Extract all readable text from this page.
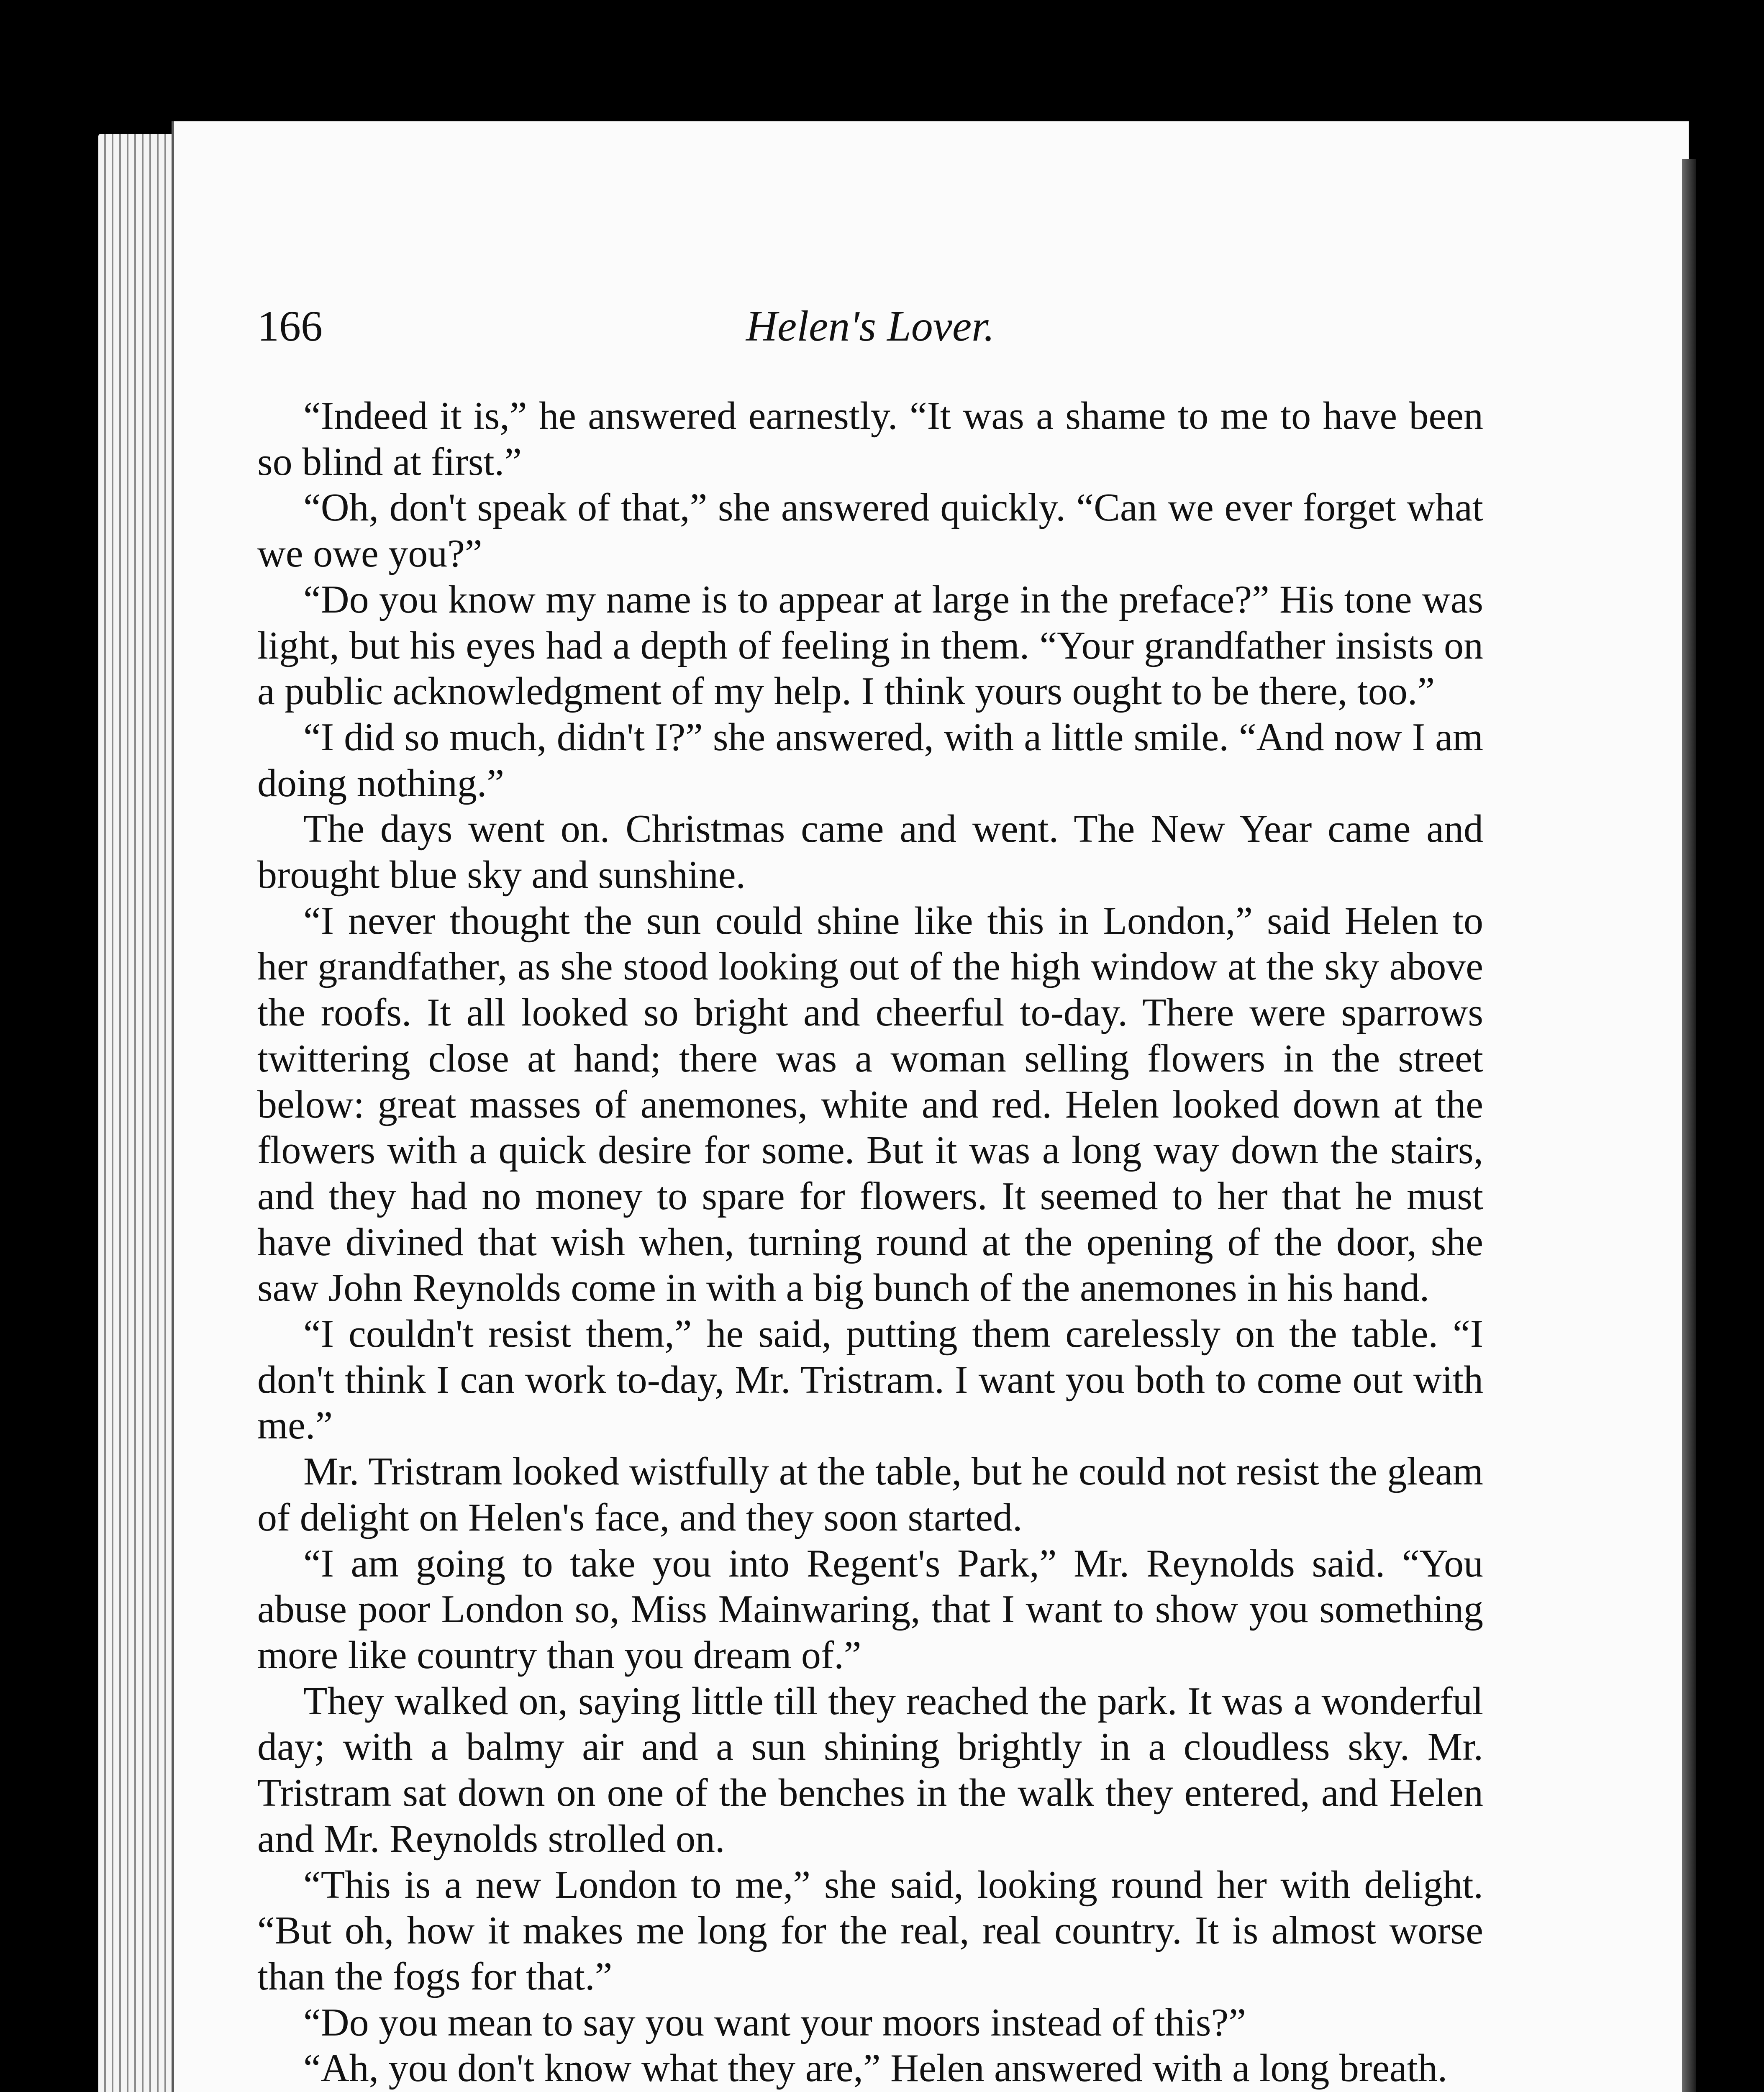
166	Helen's Lover.

“Indeed it is,” he answered earnestly. “It was a shame to me to have been so blind at first.”

“Oh, don't speak of that,” she answered quickly. “Can we ever forget what we owe you?”

“Do you know my name is to appear at large in the preface?” His tone was light, but his eyes had a depth of feeling in them. “Your grandfather insists on a public acknowledgment of my help. I think yours ought to be there, too.”

“I did so much, didn't I?” she answered, with a little smile. “And now I am doing nothing.”

The days went on. Christmas came and went. The New Year came and brought blue sky and sunshine.

“I never thought the sun could shine like this in London,” said Helen to her grandfather, as she stood looking out of the high window at the sky above the roofs. It all looked so bright and cheerful to-day. There were sparrows twittering close at hand; there was a woman selling flowers in the street below: great masses of anemones, white and red. Helen looked down at the flowers with a quick desire for some. But it was a long way down the stairs, and they had no money to spare for flowers. It seemed to her that he must have divined that wish when, turning round at the opening of the door, she saw John Reynolds come in with a big bunch of the anemones in his hand.

“I couldn't resist them,” he said, putting them carelessly on the table. “I don't think I can work to-day, Mr. Tristram. I want you both to come out with me.”

Mr. Tristram looked wistfully at the table, but he could not resist the gleam of delight on Helen's face, and they soon started.

“I am going to take you into Regent's Park,” Mr. Reynolds said. “You abuse poor London so, Miss Mainwaring, that I want to show you something more like country than you dream of.”

They walked on, saying little till they reached the park. It was a wonderful day; with a balmy air and a sun shining brightly in a cloudless sky. Mr. Tristram sat down on one of the benches in the walk they entered, and Helen and Mr. Reynolds strolled on.

“This is a new London to me,” she said, looking round her with delight. “But oh, how it makes me long for the real, real country. It is almost worse than the fogs for that.”

“Do you mean to say you want your moors instead of this?”

“Ah, you don't know what they are,” Helen answered with a long breath.
